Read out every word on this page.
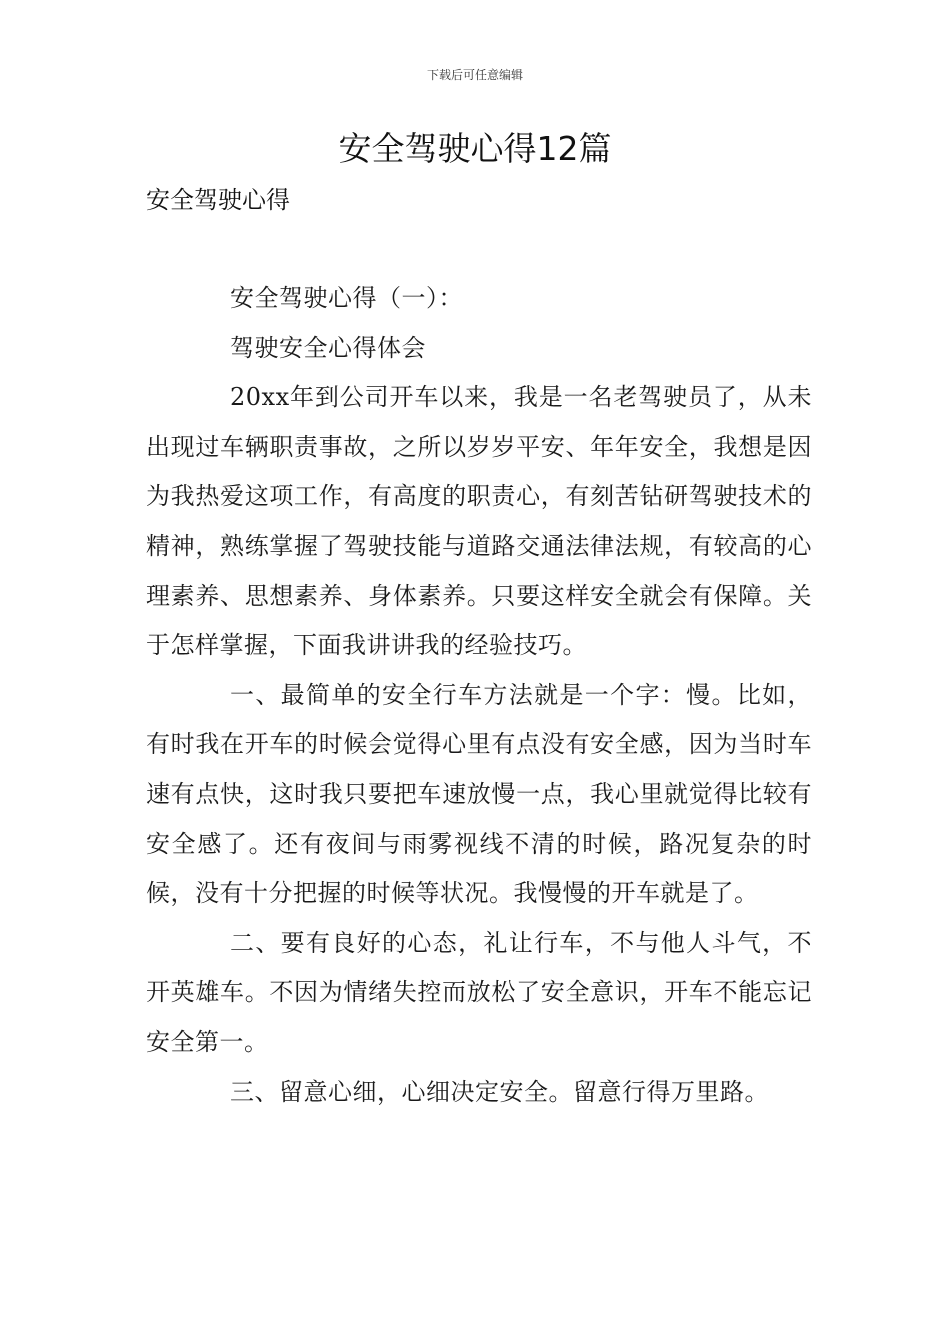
下载后可任意编辑
安全驾驶心得12篇
安全驾驶心得

安全驾驶心得（一）：

驾驶安全心得体会

20xx年到公司开车以来，我是一名老驾驶员了，从未出现过车辆职责事故，之所以岁岁平安、年年安全，我想是因为我热爱这项工作，有高度的职责心，有刻苦钻研驾驶技术的精神，熟练掌握了驾驶技能与道路交通法律法规，有较高的心理素养、思想素养、身体素养。只要这样安全就会有保障。关于怎样掌握，下面我讲讲我的经验技巧。

一、最简单的安全行车方法就是一个字：慢。比如，有时我在开车的时候会觉得心里有点没有安全感，因为当时车速有点快，这时我只要把车速放慢一点，我心里就觉得比较有安全感了。还有夜间与雨雾视线不清的时候，路况复杂的时候，没有十分把握的时候等状况。我慢慢的开车就是了。

二、要有良好的心态，礼让行车，不与他人斗气，不开英雄车。不因为情绪失控而放松了安全意识，开车不能忘记安全第一。

三、留意心细，心细决定安全。留意行得万里路。
